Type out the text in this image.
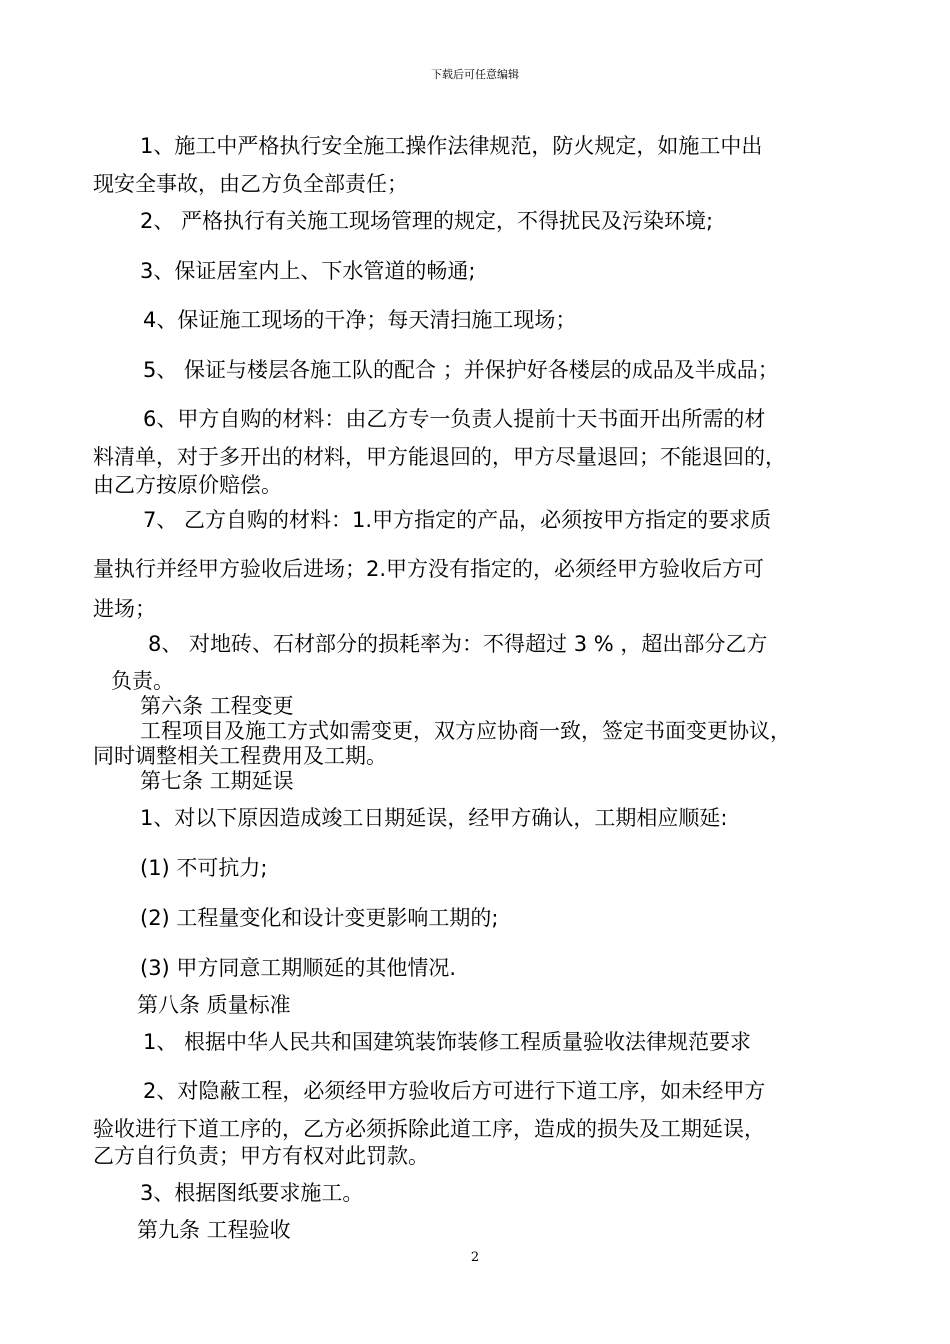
下载后可任意编辑
1、施工中严格执行安全施工操作法律规范，防火规定，如施工中出
现安全事故，由乙方负全部责任；
2、 严格执行有关施工现场管理的规定，不得扰民及污染环境;
3、保证居室内上、下水管道的畅通;
4、保证施工现场的干净；每天清扫施工现场；
5、 保证与楼层各施工队的配合 ；并保护好各楼层的成品及半成品；
6、甲方自购的材料：由乙方专一负责人提前十天书面开出所需的材
料清单，对于多开出的材料，甲方能退回的，甲方尽量退回；不能退回的，
由乙方按原价赔偿。
7、 乙方自购的材料：1.甲方指定的产品，必须按甲方指定的要求质
量执行并经甲方验收后进场；2.甲方没有指定的，必须经甲方验收后方可
进场；
8、 对地砖、石材部分的损耗率为：不得超过 3 % ，超出部分乙方
负责。
第六条 工程变更
工程项目及施工方式如需变更，双方应协商一致，签定书面变更协议，
同时调整相关工程费用及工期。
第七条 工期延误
1、对以下原因造成竣工日期延误，经甲方确认，工期相应顺延:
(1) 不可抗力;
(2) 工程量变化和设计变更影响工期的;
(3) 甲方同意工期顺延的其他情况.
第八条 质量标准
1、 根据中华人民共和国建筑装饰装修工程质量验收法律规范要求
2、对隐蔽工程，必须经甲方验收后方可进行下道工序，如未经甲方
验收进行下道工序的，乙方必须拆除此道工序，造成的损失及工期延误，
乙方自行负责；甲方有权对此罚款。
3、根据图纸要求施工。
第九条 工程验收
2
